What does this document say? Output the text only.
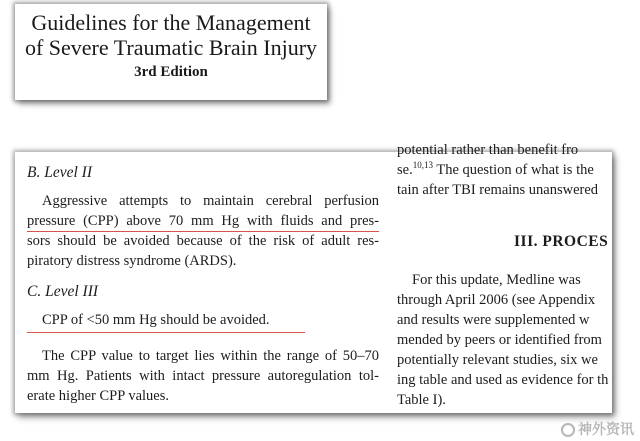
Guidelines for the Management
of Severe Traumatic Brain Injury
3rd Edition
B. Level II
Aggressive attempts to maintain cerebral perfusion
pressure (CPP) above 70 mm Hg with fluids and pres-
sors should be avoided because of the risk of adult res-
piratory distress syndrome (ARDS).
C. Level III
CPP of <50 mm Hg should be avoided.
The CPP value to target lies within the range of 50–70
mm Hg. Patients with intact pressure autoregulation tol-
erate higher CPP values.
potential rather than benefit fro
se.$^{10,13}$ The question of what is the
tain after TBI remains unanswered
III. PROCES
For this update, Medline was
through April 2006 (see Appendix
and results were supplemented w
mended by peers or identified from
potentially relevant studies, six we
ing table and used as evidence for th
Table I).
神外资讯
